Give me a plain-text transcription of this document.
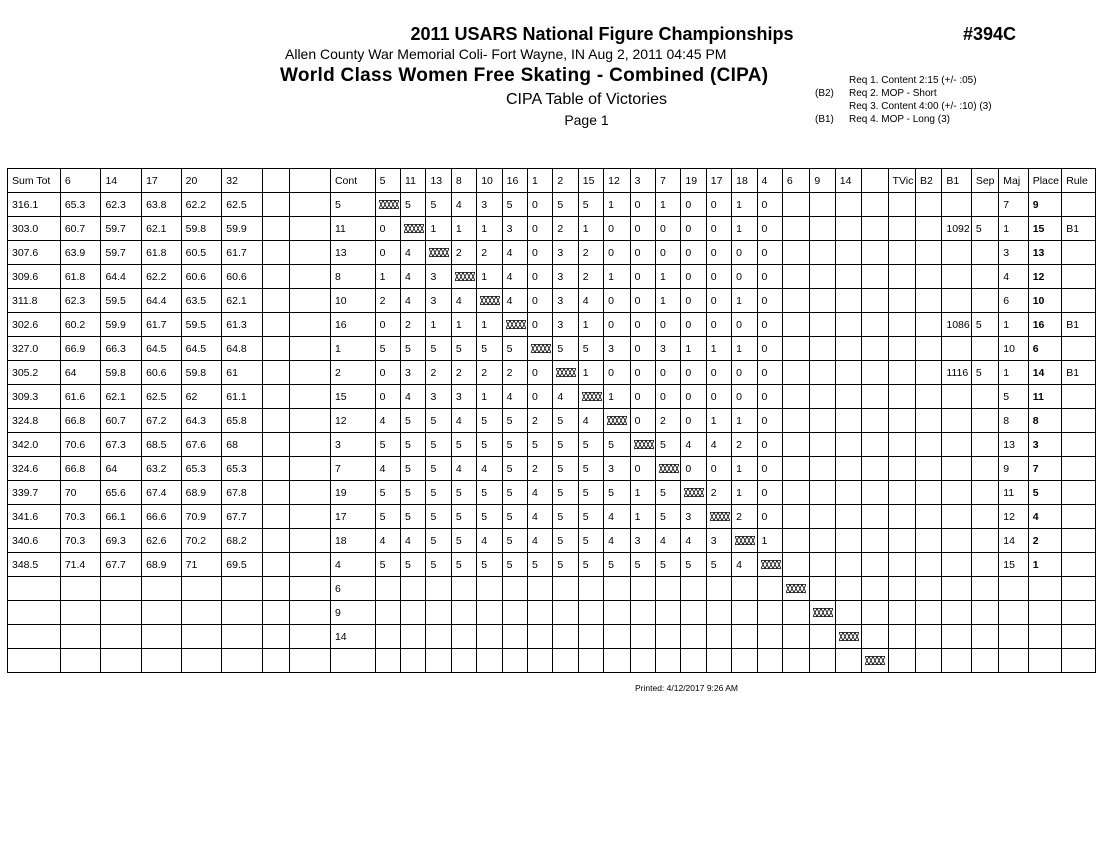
2011 USARS National Figure Championships	#394C
Allen County War Memorial Coli- Fort Wayne, IN Aug 2, 2011 04:45 PM
World Class Women Free Skating - Combined (CIPA)
CIPA Table of Victories
Page 1
Req 1. Content 2:15 (+/- :05)
(B2)	Req 2. MOP - Short
Req 3. Content 4:00 (+/- :10) (3)
(B1)	Req 4. MOP - Long (3)
Sum Tot	6	14	17	20	32			Cont	5	11	13	8	10	16	1	2	15	12	3	7	19	17	18	4	6	9	14		TVic	B2	B1	Sep	Maj	Place	Rule
316.1	65.3	62.3	63.8	62.2	62.5			5		5	5	4	3	5	0	5	5	1	0	1	0	0	1	0									7	9	
303.0	60.7	59.7	62.1	59.8	59.9			11	0		1	1	1	3	0	2	1	0	0	0	0	0	1	0							1092	5	1	15	B1
307.6	63.9	59.7	61.8	60.5	61.7			13	0	4		2	2	4	0	3	2	0	0	0	0	0	0	0									3	13	
309.6	61.8	64.4	62.2	60.6	60.6			8	1	4	3		1	4	0	3	2	1	0	1	0	0	0	0									4	12	
311.8	62.3	59.5	64.4	63.5	62.1			10	2	4	3	4		4	0	3	4	0	0	1	0	0	1	0									6	10	
302.6	60.2	59.9	61.7	59.5	61.3			16	0	2	1	1	1		0	3	1	0	0	0	0	0	0	0							1086	5	1	16	B1
327.0	66.9	66.3	64.5	64.5	64.8			1	5	5	5	5	5	5		5	5	3	0	3	1	1	1	0									10	6	
305.2	64	59.8	60.6	59.8	61			2	0	3	2	2	2	2	0		1	0	0	0	0	0	0	0							1116	5	1	14	B1
309.3	61.6	62.1	62.5	62	61.1			15	0	4	3	3	1	4	0	4		1	0	0	0	0	0	0									5	11	
324.8	66.8	60.7	67.2	64.3	65.8			12	4	5	5	4	5	5	2	5	4		0	2	0	1	1	0									8	8	
342.0	70.6	67.3	68.5	67.6	68			3	5	5	5	5	5	5	5	5	5	5		5	4	4	2	0									13	3	
324.6	66.8	64	63.2	65.3	65.3			7	4	5	5	4	4	5	2	5	5	3	0		0	0	1	0									9	7	
339.7	70	65.6	67.4	68.9	67.8			19	5	5	5	5	5	5	4	5	5	5	1	5		2	1	0									11	5	
341.6	70.3	66.1	66.6	70.9	67.7			17	5	5	5	5	5	5	4	5	5	4	1	5	3		2	0									12	4	
340.6	70.3	69.3	62.6	70.2	68.2			18	4	4	5	5	4	5	4	5	5	4	3	4	4	3		1									14	2	
348.5	71.4	67.7	68.9	71	69.5			4	5	5	5	5	5	5	5	5	5	5	5	5	5	5	4										15	1	
								6																											
								9																											
								14																											

Printed: 4/12/2017 9:26 AM
